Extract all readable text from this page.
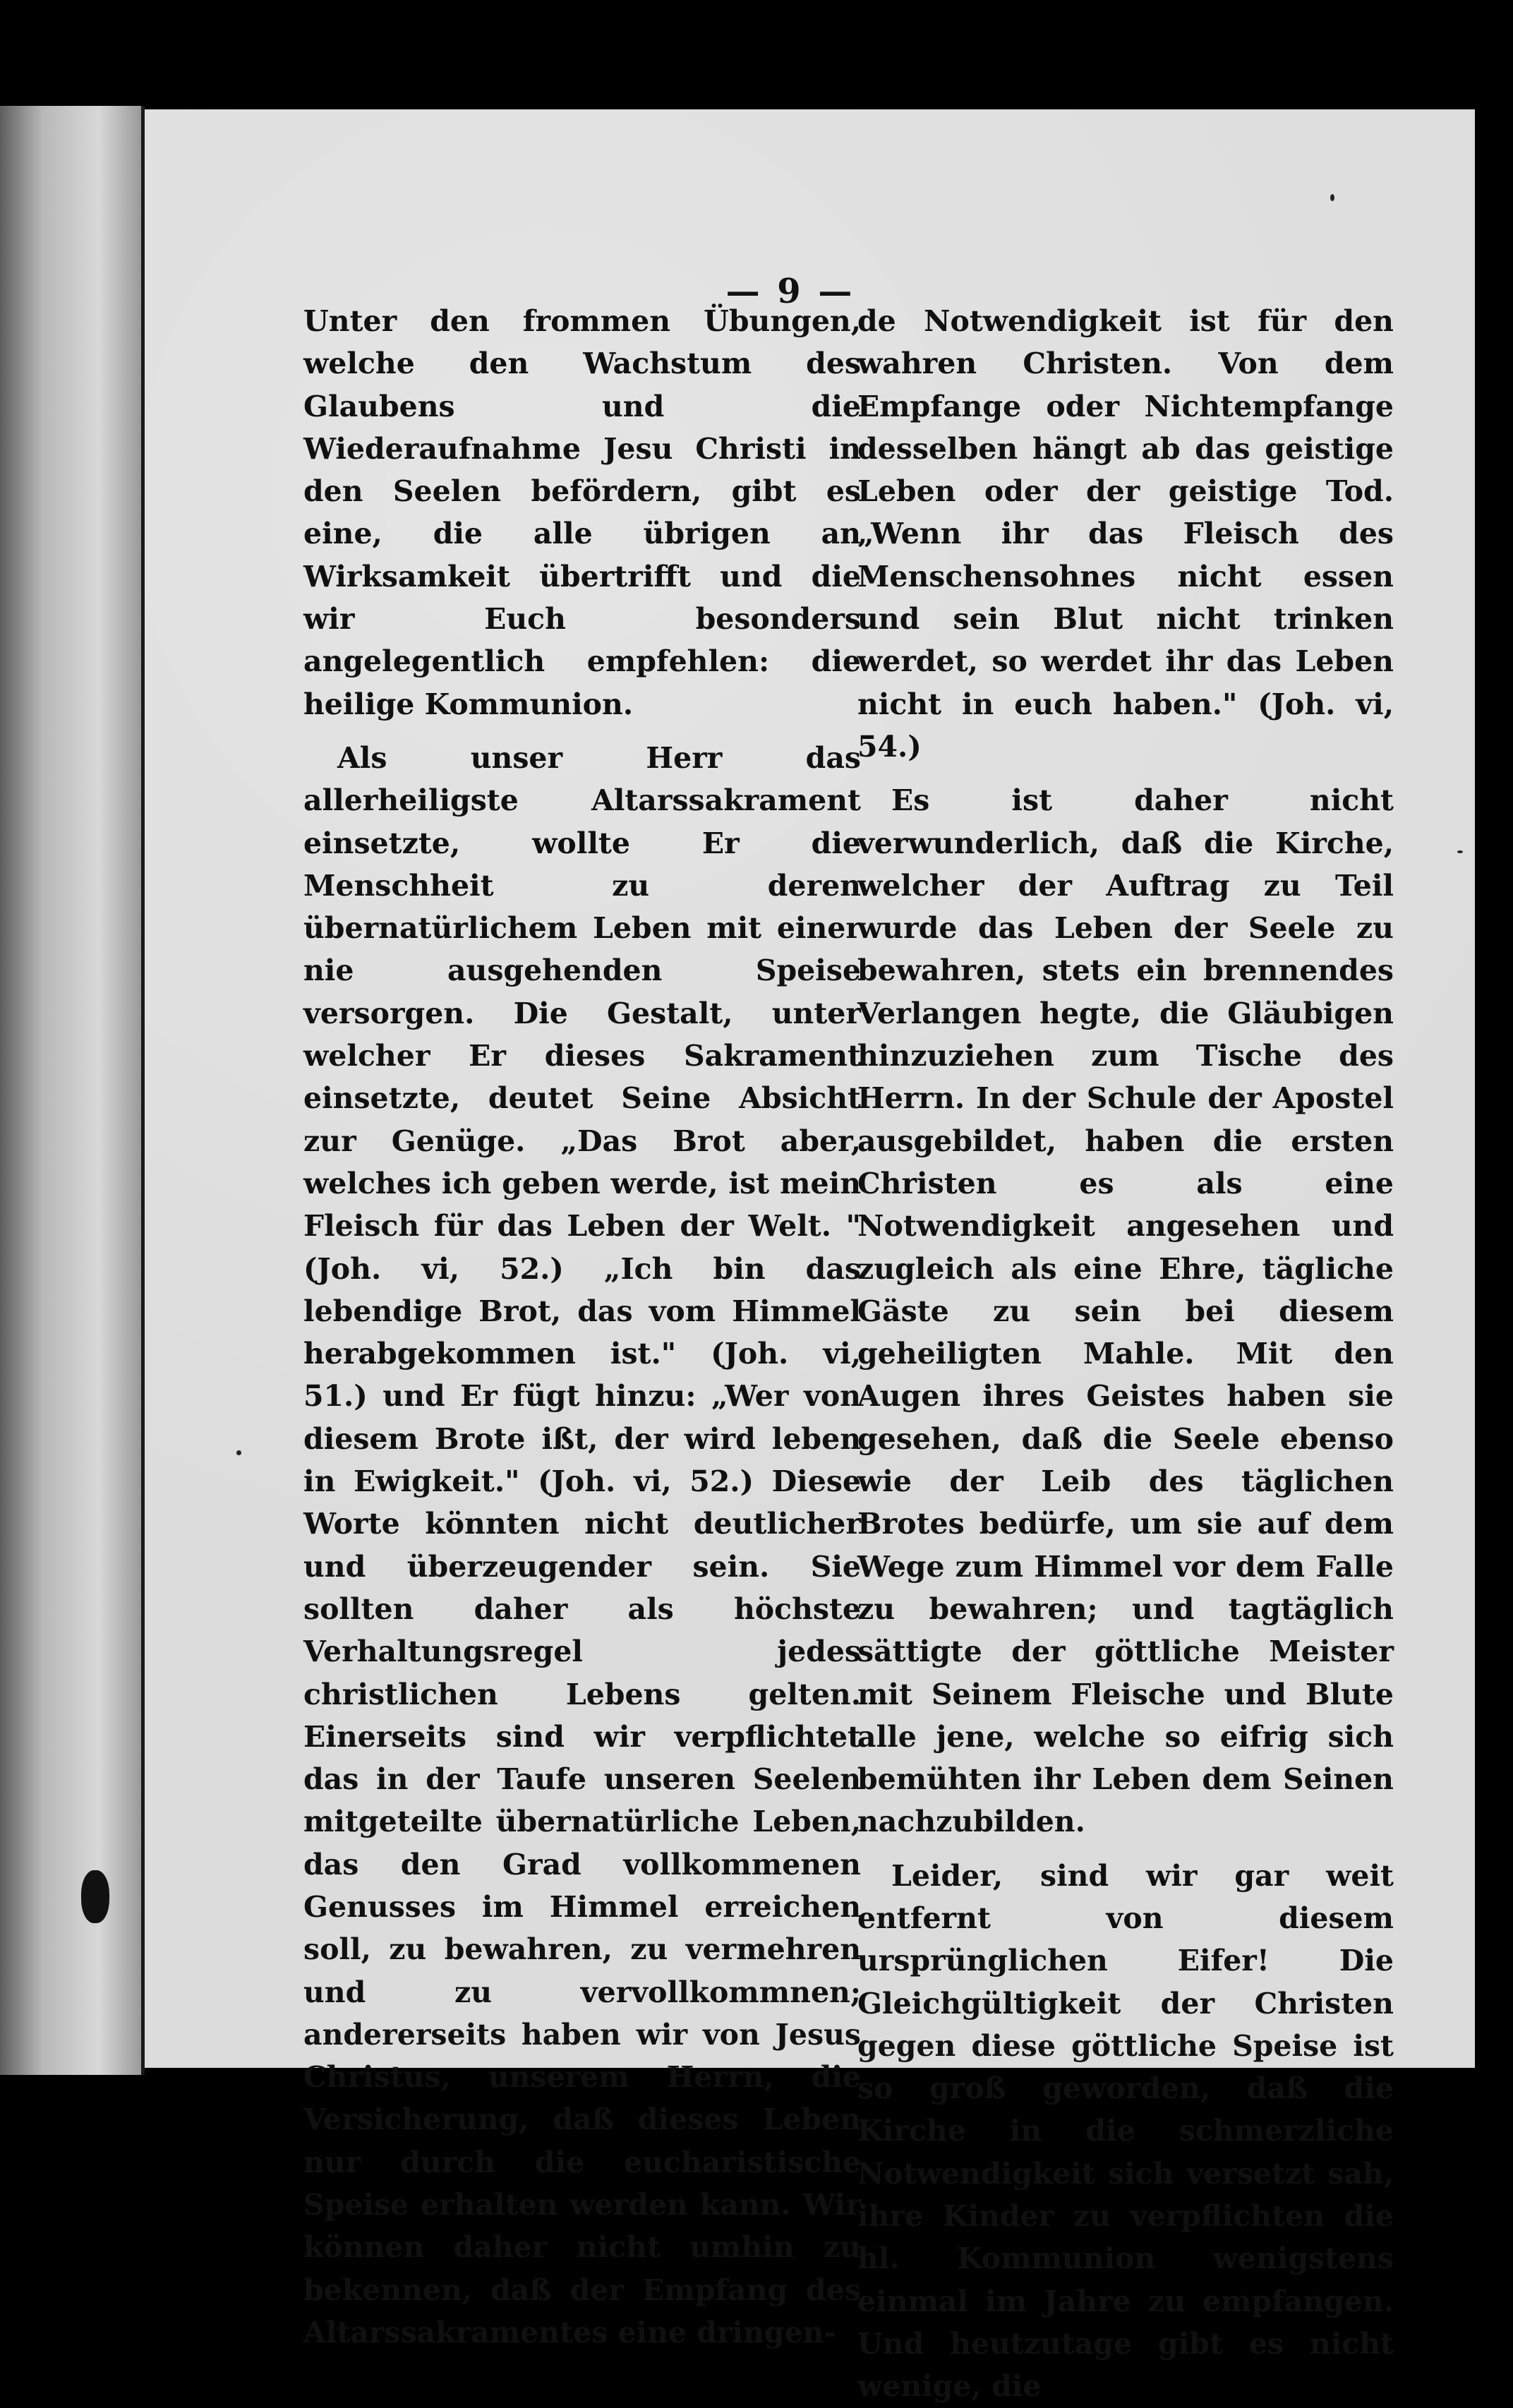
— 9 —

Unter den frommen Übungen, welche den Wachstum des Glaubens und die Wiederaufnahme Jesu Christi in den Seelen befördern, gibt es eine, die alle übrigen an Wirksamkeit übertrifft und die wir Euch besonders angelegentlich empfehlen: die heilige Kommunion.

Als unser Herr das allerheiligste Altarssakrament einsetzte, wollte Er die Menschheit zu deren übernatürlichem Leben mit einer nie ausgehenden Speise versorgen. Die Gestalt, unter welcher Er dieses Sakrament einsetzte, deutet Seine Absicht zur Genüge. „Das Brot aber, welches ich geben werde, ist mein Fleisch für das Leben der Welt. "(Joh. vi, 52.) „Ich bin das lebendige Brot, das vom Himmel herabgekommen ist." (Joh. vi, 51.) und Er fügt hinzu: „Wer von diesem Brote ißt, der wird leben in Ewigkeit." (Joh. vi, 52.) Diese Worte könnten nicht deutlicher und überzeugender sein. Sie sollten daher als höchste Verhaltungsregel jedes christlichen Lebens gelten. Einerseits sind wir verpflichtet das in der Taufe unseren Seelen mitgeteilte übernatürliche Leben, das den Grad vollkommenen Genusses im Himmel erreichen soll, zu bewahren, zu vermehren und zu vervollkommnen; andererseits haben wir von Jesus Christus, unserem Herrn, die Versicherung, daß dieses Leben nur durch die eucharistische Speise erhalten werden kann. Wir können daher nicht umhin zu bekennen, daß der Empfang des Altarssakramentes eine dringen-

de Notwendigkeit ist für den wahren Christen. Von dem Empfange oder Nichtempfange desselben hängt ab das geistige Leben oder der geistige Tod. „Wenn ihr das Fleisch des Menschensohnes nicht essen und sein Blut nicht trinken werdet, so werdet ihr das Leben nicht in euch haben." (Joh. vi, 54.)

Es ist daher nicht verwunderlich, daß die Kirche, welcher der Auftrag zu Teil wurde das Leben der Seele zu bewahren, stets ein brennendes Verlangen hegte, die Gläubigen hinzuziehen zum Tische des Herrn. In der Schule der Apostel ausgebildet, haben die ersten Christen es als eine Notwendigkeit angesehen und zugleich als eine Ehre, tägliche Gäste zu sein bei diesem geheiligten Mahle. Mit den Augen ihres Geistes haben sie gesehen, daß die Seele ebenso wie der Leib des täglichen Brotes bedürfe, um sie auf dem Wege zum Himmel vor dem Falle zu bewahren; und tagtäglich sättigte der göttliche Meister mit Seinem Fleische und Blute alle jene, welche so eifrig sich bemühten ihr Leben dem Seinen nachzubilden.

Leider, sind wir gar weit entfernt von diesem ursprünglichen Eifer! Die Gleichgültigkeit der Christen gegen diese göttliche Speise ist so groß geworden, daß die Kirche in die schmerzliche Notwendigkeit sich versetzt sah, ihre Kinder zu verpflichten die hl. Kommunion wenigstens einmal im Jahre zu empfangen. Und heutzutage gibt es nicht wenige, die
